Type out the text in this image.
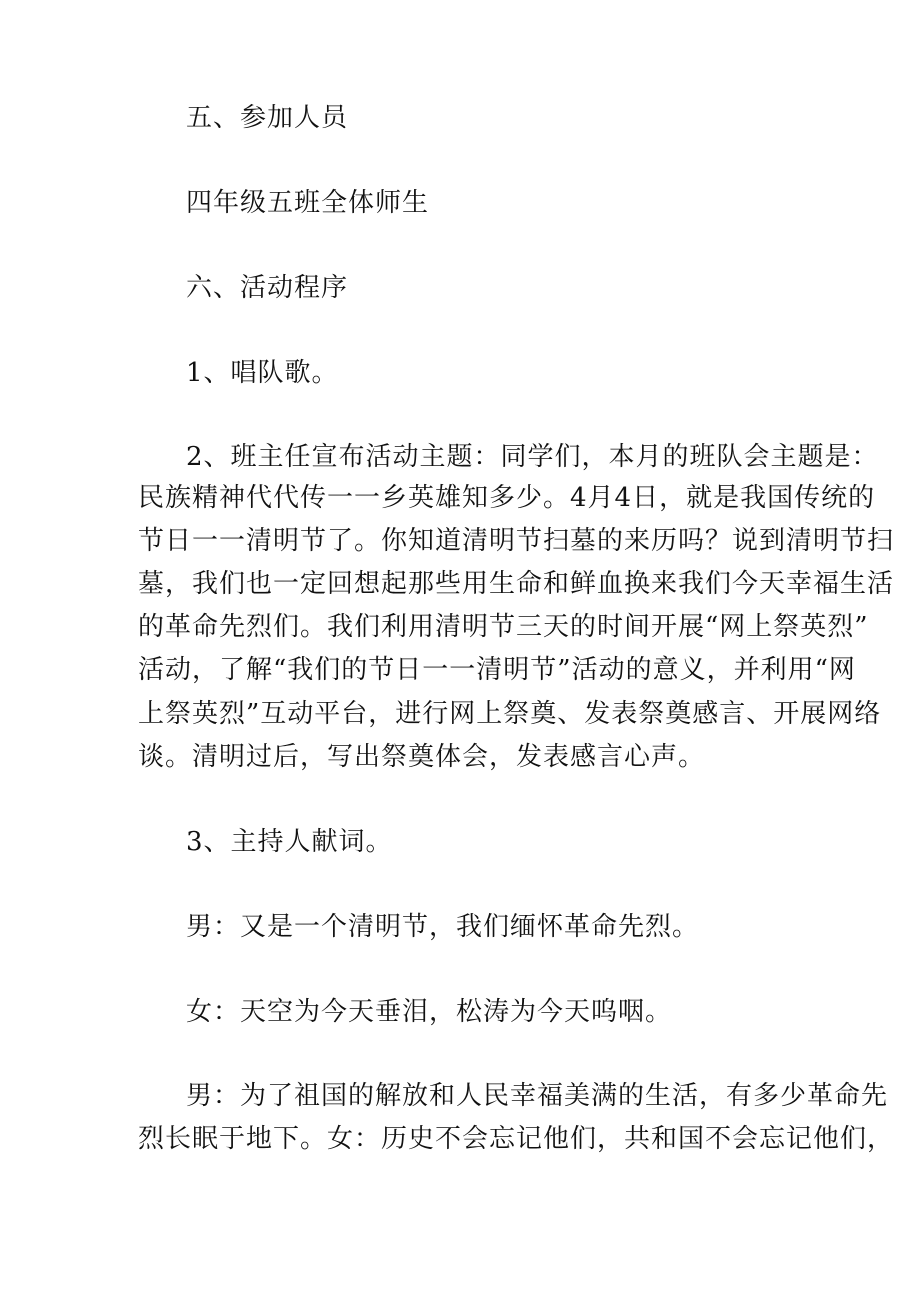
五、参加人员
四年级五班全体师生
六、活动程序
1、唱队歌。
2、班主任宣布活动主题：同学们，本月的班队会主题是：
民族精神代代传一一乡英雄知多少。4月4日，就是我国传统的
节日一一清明节了。你知道清明节扫墓的来历吗？说到清明节扫
墓，我们也一定回想起那些用生命和鲜血换来我们今天幸福生活
的革命先烈们。我们利用清明节三天的时间开展“网上祭英烈”
活动，了解“我们的节日一一清明节”活动的意义，并利用“网
上祭英烈”互动平台，进行网上祭奠、发表祭奠感言、开展网络
谈。清明过后，写出祭奠体会，发表感言心声。
3、主持人献词。
男：又是一个清明节，我们缅怀革命先烈。
女：天空为今天垂泪，松涛为今天呜咽。
男：为了祖国的解放和人民幸福美满的生活，有多少革命先
烈长眠于地下。女：历史不会忘记他们，共和国不会忘记他们，
